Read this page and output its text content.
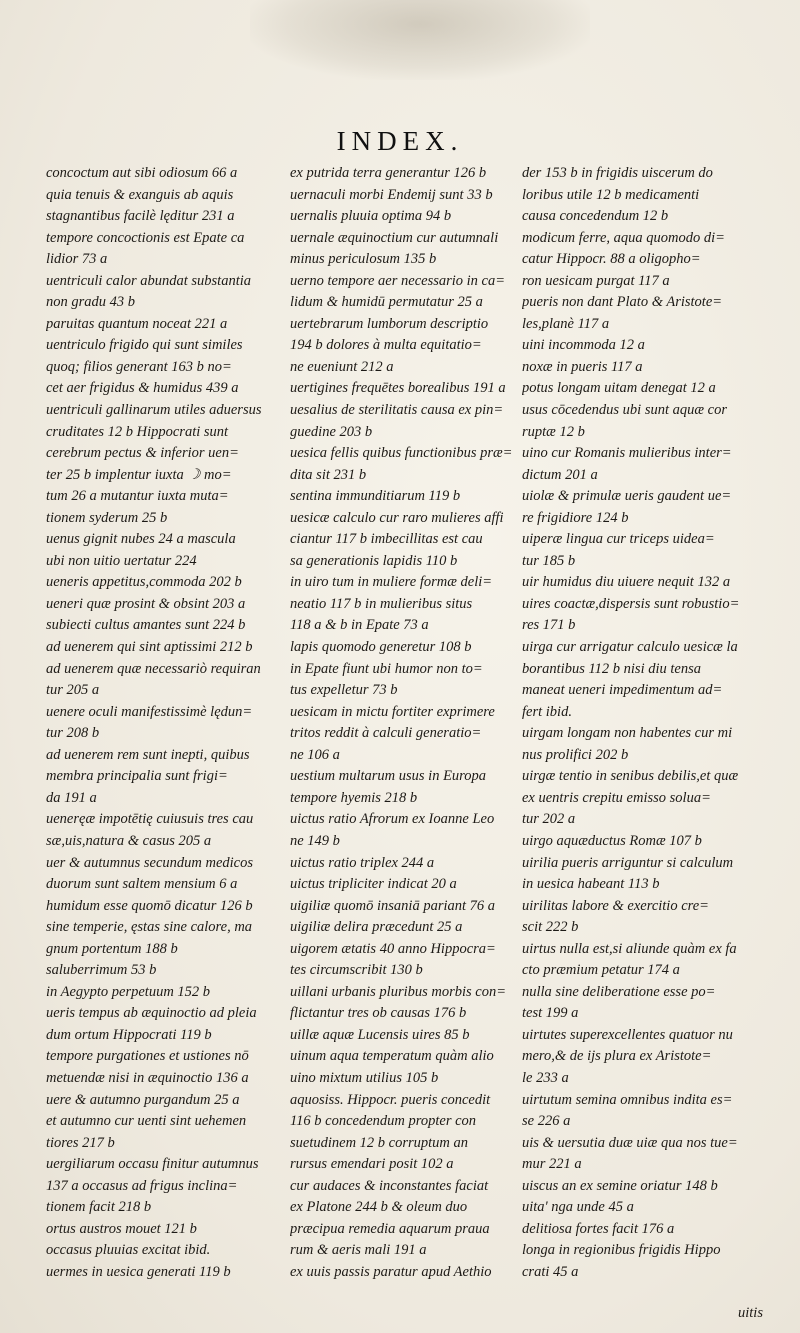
INDEX.
concoctum aut sibi odiosum 66 a
quia tenuis & exanguis ab aquis
stagnantibus facilè lęditur 231 a
tempore concoctionis est Epate ca
lidior 73 a
uentriculi calor abundat substantia
non gradu 43 b
paruitas quantum noceat 221 a
uentriculo frigido qui sunt similes
quoq; filios generant 163 b no=
cet aer frigidus & humidus 439 a
uentriculi gallinarum utiles aduersus
cruditates 12 b Hippocrati sunt
cerebrum pectus & inferior uen=
ter 25 b implentur iuxta ☽ mo=
tum 26 a mutantur iuxta muta=
tionem syderum 25 b
uenus gignit nubes 24 a mascula
ubi non uitio uertatur 224
ueneris appetitus,commoda 202 b
ueneri quæ prosint & obsint 203 a
subiecti cultus amantes sunt 224 b
ad uenerem qui sint aptissimi 212 b
ad uenerem quæ necessariò requiran
tur 205 a
uenere oculi manifestissimè lędun=
tur 208 b
ad uenerem rem sunt inepti, quibus
membra principalia sunt frigi=
da 191 a
ueneręæ impotētię cuiusuis tres cau
sæ,uis,natura & casus 205 a
uer & autumnus secundum medicos
duorum sunt saltem mensium 6 a
humidum esse quomō dicatur 126 b
sine temperie, ęstas sine calore, ma
gnum portentum 188 b
saluberrimum 53 b
in Aegypto perpetuum 152 b
ueris tempus ab æquinoctio ad pleia
dum ortum Hippocrati 119 b
tempore purgationes et ustiones nō
metuendæ nisi in æquinoctio 136 a
uere & autumno purgandum 25 a
et autumno cur uenti sint uehemen
tiores 217 b
uergiliarum occasu finitur autumnus
137 a occasus ad frigus inclina=
tionem facit 218 b
ortus austros mouet 121 b
occasus pluuias excitat ibid.
uermes in uesica generati 119 b
ex putrida terra generantur 126 b
uernaculi morbi Endemij sunt 33 b
uernalis pluuia optima 94 b
uernale æquinoctium cur autumnali
minus periculosum 135 b
uerno tempore aer necessario in ca=
lidum & humidū permutatur 25 a
uertebrarum lumborum descriptio
194 b dolores à multa equitatio=
ne eueniunt 212 a
uertigines frequētes borealibus 191 a
uesalius de sterilitatis causa ex pin=
guedine 203 b
uesica fellis quibus functionibus præ=
dita sit 231 b
sentina immunditiarum 119 b
uesicæ calculo cur raro mulieres affi
ciantur 117 b imbecillitas est cau
sa generationis lapidis 110 b
in uiro tum in muliere formæ deli=
neatio 117 b in mulieribus situs
118 a & b in Epate 73 a
lapis quomodo generetur 108 b
in Epate fiunt ubi humor non to=
tus expelletur 73 b
uesicam in mictu fortiter exprimere
tritos reddit à calculi generatio=
ne 106 a
uestium multarum usus in Europa
tempore hyemis 218 b
uictus ratio Afrorum ex Ioanne Leo
ne 149 b
uictus ratio triplex 244 a
uictus tripliciter indicat 20 a
uigiliæ quomō insaniā pariant 76 a
uigiliæ delira præcedunt 25 a
uigorem ætatis 40 anno Hippocra=
tes circumscribit 130 b
uillani urbanis pluribus morbis con=
flictantur tres ob causas 176 b
uillæ aquæ Lucensis uires 85 b
uinum aqua temperatum quàm alio
uino mixtum utilius 105 b
aquosiss. Hippocr. pueris concedit
116 b concedendum propter con
suetudinem 12 b corruptum an
rursus emendari posit 102 a
cur audaces & inconstantes faciat
ex Platone 244 b & oleum duo
præcipua remedia aquarum praua
rum & aeris mali 191 a
ex uuis passis paratur apud Aethio
der 153 b in frigidis uiscerum do
loribus utile 12 b medicamenti
causa concedendum 12 b
modicum ferre, aqua quomodo di=
catur Hippocr. 88 a oligopho=
ron uesicam purgat 117 a
pueris non dant Plato & Aristote=
les,planè 117 a
uini incommoda 12 a
noxæ in pueris 117 a
potus longam uitam denegat 12 a
usus cōcedendus ubi sunt aquæ cor
ruptæ 12 b
uino cur Romanis mulieribus inter=
dictum 201 a
uiolæ & primulæ ueris gaudent ue=
re frigidiore 124 b
uiperæ lingua cur triceps uidea=
tur 185 b
uir humidus diu uiuere nequit 132 a
uires coactæ,dispersis sunt robustio=
res 171 b
uirga cur arrigatur calculo uesicæ la
borantibus 112 b nisi diu tensa
maneat ueneri impedimentum ad=
fert ibid.
uirgam longam non habentes cur mi
nus prolifici 202 b
uirgæ tentio in senibus debilis,et quæ
ex uentris crepitu emisso solua=
tur 202 a
uirgo aquæductus Romæ 107 b
uirilia pueris arriguntur si calculum
in uesica habeant 113 b
uirilitas labore & exercitio cre=
scit 222 b
uirtus nulla est,si aliunde quàm ex fa
cto præmium petatur 174 a
nulla sine deliberatione esse po=
test 199 a
uirtutes superexcellentes quatuor nu
mero,& de ijs plura ex Aristote=
le 233 a
uirtutum semina omnibus indita es=
se 226 a
uis & uersutia duæ uiæ qua nos tue=
mur 221 a
uiscus an ex semine oriatur 148 b
uita' nga unde 45 a
delitiosa fortes facit 176 a
longa in regionibus frigidis Hippo
crati 45 a
uitis
